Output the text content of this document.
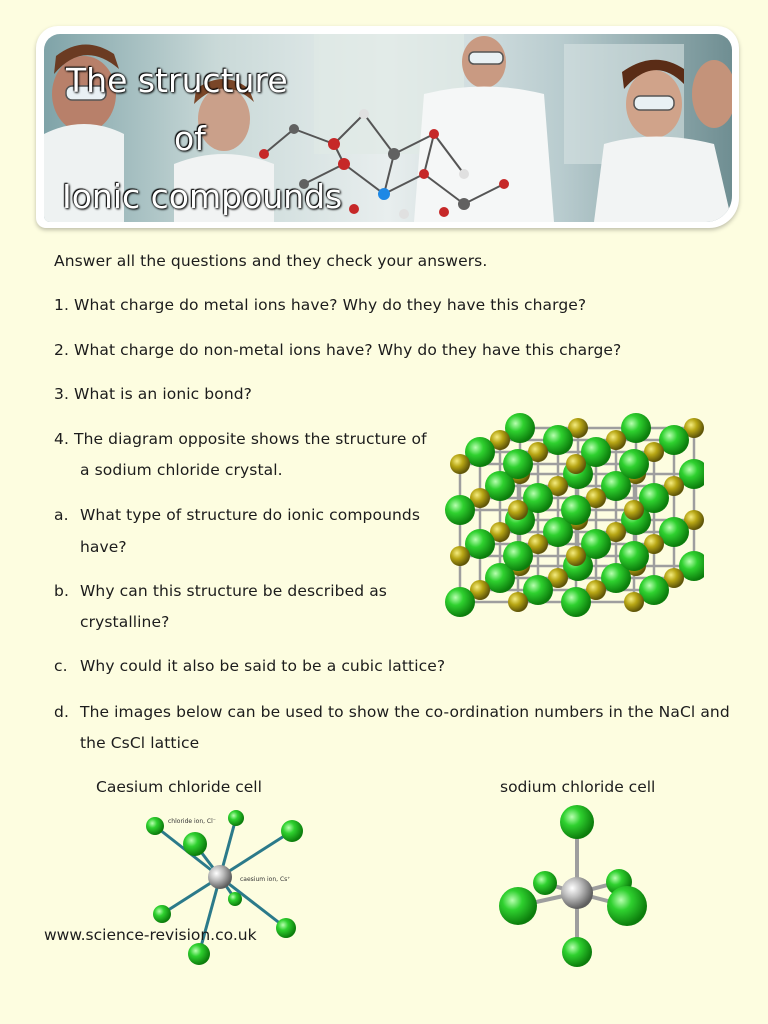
The structure
of
Ionic compounds
Answer all the questions and they check your answers.
1. What charge do metal ions have? Why do they have this charge?
2. What charge do non-metal ions have? Why do they have this charge?
3. What is an ionic bond?
4. The diagram opposite shows the structure of
a sodium chloride crystal.
a. What type of structure do ionic compounds
have?
b. Why can this structure be described as
crystalline?
c. Why could it also be said to be a cubic lattice?
d. The images below can be used to show the co-ordination numbers in the NaCl and
the CsCl lattice
Caesium chloride cell	sodium chloride cell
chloride ion, Cl⁻
caesium ion, Cs⁺
www.science-revision.co.uk
